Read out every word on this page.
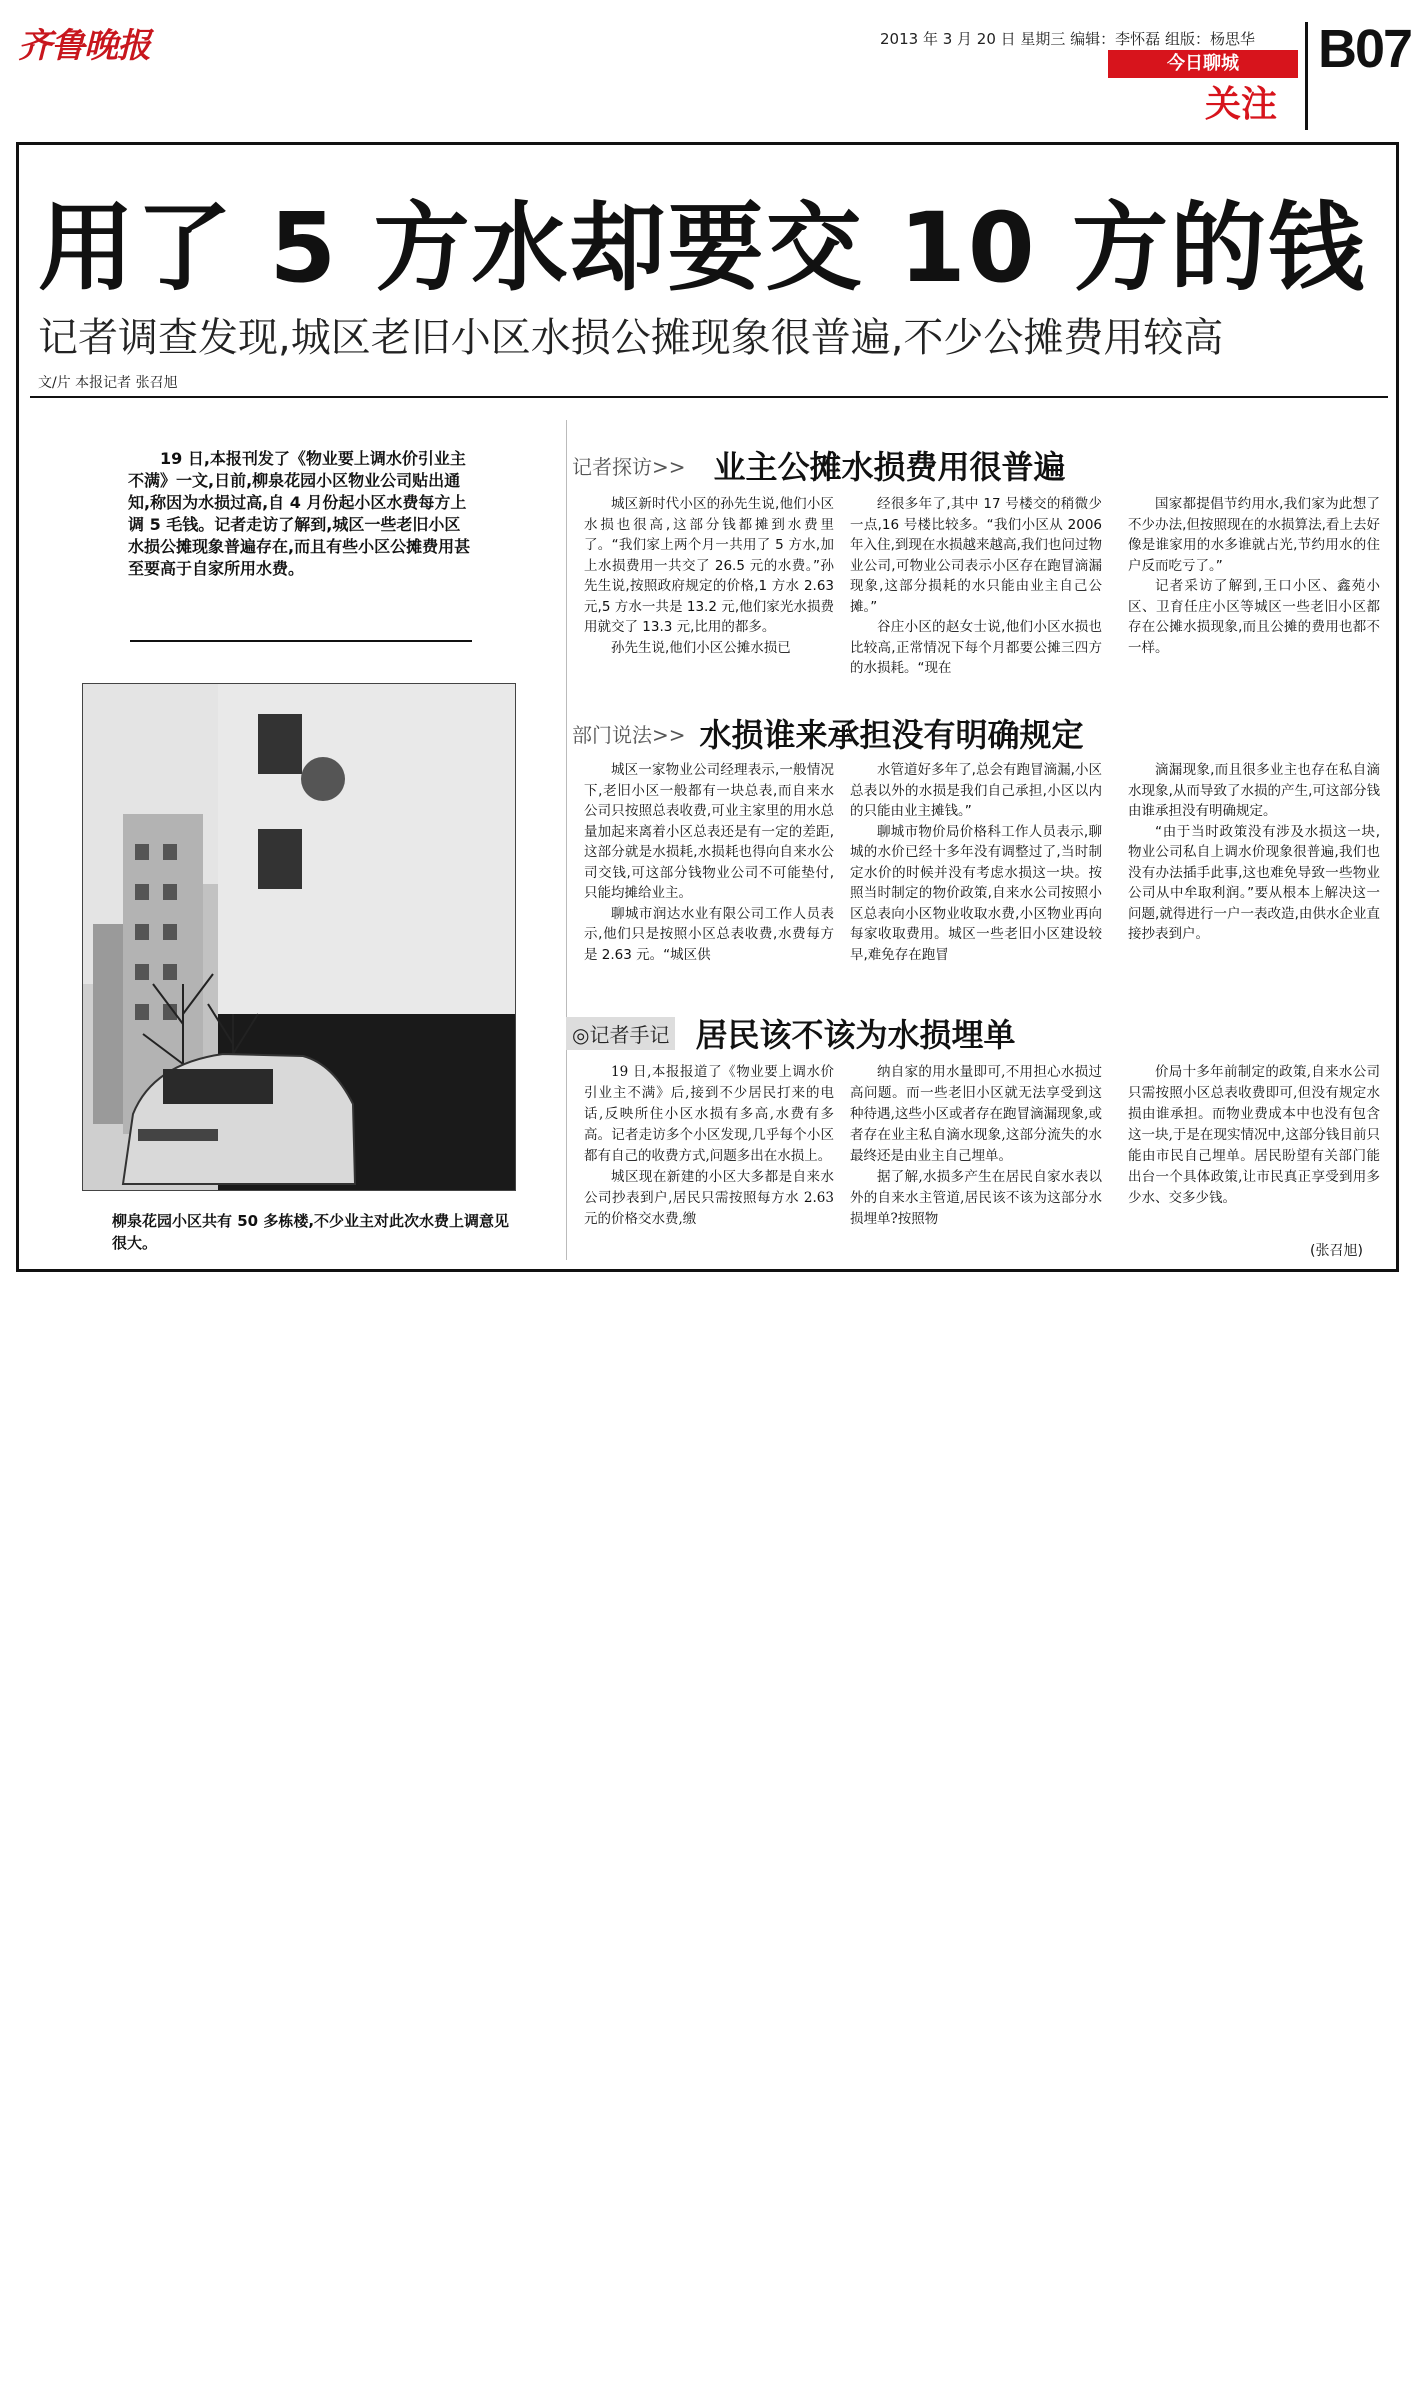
齐鲁晚报	2013 年 3 月 20 日 星期三 编辑：李怀磊 组版：杨思华
今日聊城
关注
B07
用了 5 方水却要交 10 方的钱
记者调查发现,城区老旧小区水损公摊现象很普遍,不少公摊费用较高
文/片 本报记者 张召旭
19 日,本报刊发了《物业要上调水价引业主不满》一文,日前,柳泉花园小区物业公司贴出通知,称因为水损过高,自 4 月份起小区水费每方上调 5 毛钱。记者走访了解到,城区一些老旧小区水损公摊现象普遍存在,而且有些小区公摊费用甚至要高于自家所用水费。
柳泉花园小区共有 50 多栋楼,不少业主对此次水费上调意见很大。
记者探访>> 业主公摊水损费用很普遍

城区新时代小区的孙先生说,他们小区水损也很高,这部分钱都摊到水费里了。“我们家上两个月一共用了 5 方水,加上水损费用一共交了 26.5 元的水费。”孙先生说,按照政府规定的价格,1 方水 2.63 元,5 方水一共是 13.2 元,他们家光水损费用就交了 13.3 元,比用的都多。

孙先生说,他们小区公摊水损已

经很多年了,其中 17 号楼交的稍微少一点,16 号楼比较多。“我们小区从 2006 年入住,到现在水损越来越高,我们也问过物业公司,可物业公司表示小区存在跑冒滴漏现象,这部分损耗的水只能由业主自己公摊。”

谷庄小区的赵女士说,他们小区水损也比较高,正常情况下每个月都要公摊三四方的水损耗。“现在

国家都提倡节约用水,我们家为此想了不少办法,但按照现在的水损算法,看上去好像是谁家用的水多谁就占光,节约用水的住户反而吃亏了。”

记者采访了解到,王口小区、鑫苑小区、卫育任庄小区等城区一些老旧小区都存在公摊水损现象,而且公摊的费用也都不一样。

部门说法>> 水损谁来承担没有明确规定

城区一家物业公司经理表示,一般情况下,老旧小区一般都有一块总表,而自来水公司只按照总表收费,可业主家里的用水总量加起来离着小区总表还是有一定的差距,这部分就是水损耗,水损耗也得向自来水公司交钱,可这部分钱物业公司不可能垫付,只能均摊给业主。

聊城市润达水业有限公司工作人员表示,他们只是按照小区总表收费,水费每方是 2.63 元。“城区供

水管道好多年了,总会有跑冒滴漏,小区总表以外的水损是我们自己承担,小区以内的只能由业主摊钱。”

聊城市物价局价格科工作人员表示,聊城的水价已经十多年没有调整过了,当时制定水价的时候并没有考虑水损这一块。按照当时制定的物价政策,自来水公司按照小区总表向小区物业收取水费,小区物业再向每家收取费用。城区一些老旧小区建设较早,难免存在跑冒

滴漏现象,而且很多业主也存在私自滴水现象,从而导致了水损的产生,可这部分钱由谁承担没有明确规定。

“由于当时政策没有涉及水损这一块,物业公司私自上调水价现象很普遍,我们也没有办法插手此事,这也难免导致一些物业公司从中牟取利润。”要从根本上解决这一问题,就得进行一户一表改造,由供水企业直接抄表到户。

◎记者手记 居民该不该为水损埋单

19 日,本报报道了《物业要上调水价引业主不满》后,接到不少居民打来的电话,反映所住小区水损有多高,水费有多高。记者走访多个小区发现,几乎每个小区都有自己的收费方式,问题多出在水损上。

城区现在新建的小区大多都是自来水公司抄表到户,居民只需按照每方水 2.63 元的价格交水费,缴

纳自家的用水量即可,不用担心水损过高问题。而一些老旧小区就无法享受到这种待遇,这些小区或者存在跑冒滴漏现象,或者存在业主私自滴水现象,这部分流失的水最终还是由业主自己埋单。

据了解,水损多产生在居民自家水表以外的自来水主管道,居民该不该为这部分水损埋单?按照物

价局十多年前制定的政策,自来水公司只需按照小区总表收费即可,但没有规定水损由谁承担。而物业费成本中也没有包含这一块,于是在现实情况中,这部分钱目前只能由市民自己埋单。居民盼望有关部门能出台一个具体政策,让市民真正享受到用多少水、交多少钱。

(张召旭)
